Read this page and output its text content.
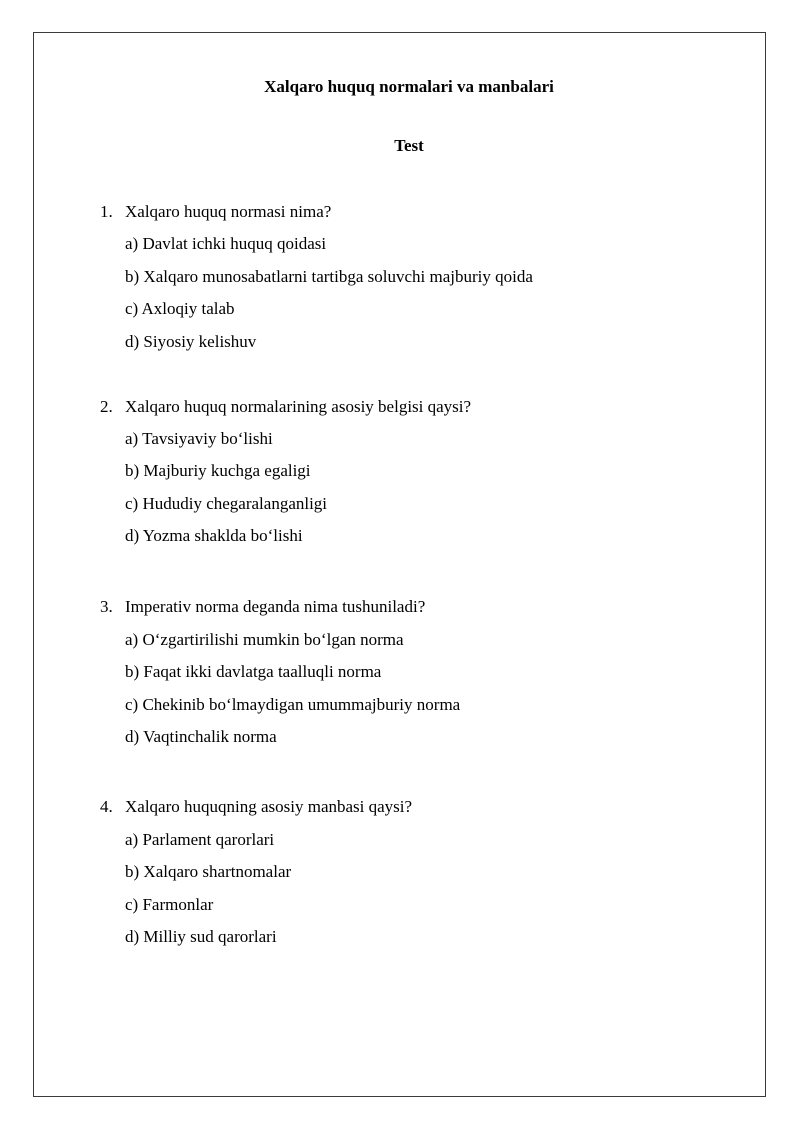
Xalqaro huquq normalari va manbalari
Test
1. Xalqaro huquq normasi nima?
a) Davlat ichki huquq qoidasi
b) Xalqaro munosabatlarni tartibga soluvchi majburiy qoida
c) Axloqiy talab
d) Siyosiy kelishuv
2. Xalqaro huquq normalarining asosiy belgisi qaysi?
a) Tavsiyaviy bo‘lishi
b) Majburiy kuchga egaligi
c) Hududiy chegaralanganligi
d) Yozma shaklda bo‘lishi
3. Imperativ norma deganda nima tushuniladi?
a) O‘zgartirilishi mumkin bo‘lgan norma
b) Faqat ikki davlatga taalluqli norma
c) Chekinib bo‘lmaydigan umummajburiy norma
d) Vaqtinchalik norma
4. Xalqaro huquqning asosiy manbasi qaysi?
a) Parlament qarorlari
b) Xalqaro shartnomalar
c) Farmonlar
d) Milliy sud qarorlari
